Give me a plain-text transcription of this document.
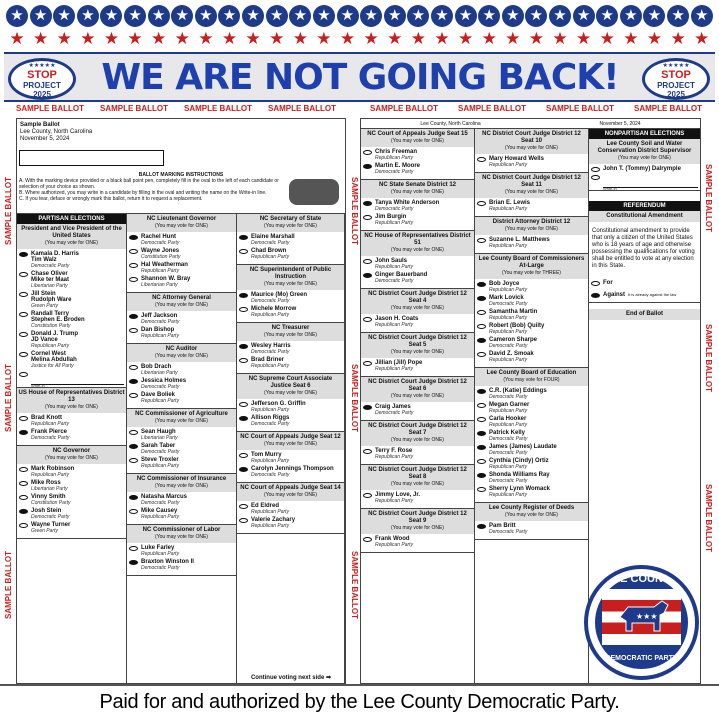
★ ★ ★ ★ ★ ★ ★ ★ ★ ★ ★ ★ ★ ★ ★ ★ ★ ★ ★ ★ ★ ★ ★ ★ ★ ★ ★ ★ ★ ★
★ ★ ★ ★ ★ ★ ★ ★ ★ ★ ★ ★ ★ ★ ★ ★ ★ ★ ★ ★ ★ ★ ★ ★ ★ ★ ★ ★ ★ ★
★★★★★
STOP
PROJECT
2025	WE ARE NOT GOING BACK!	★★★★★
STOP
PROJECT
2025
SAMPLE BALLOT SAMPLE BALLOT SAMPLE BALLOT SAMPLE BALLOT	SAMPLE BALLOT	SAMPLE BALLOT	SAMPLE BALLOT	SAMPLE BALLOT
SAMPLE BALLOT
SAMPLE BALLOT
SAMPLE BALLOT	SAMPLE BALLOT
SAMPLE BALLOT
SAMPLE BALLOT
SAMPLE BALLOT
SAMPLE BALLOT
SAMPLE BALLOT
Sample Ballot
Lee County, North Carolina
November 5, 2024
BALLOT MARKING INSTRUCTIONS
A. With the marking device provided or a black ball point pen, completely fill in the oval to the left of each candidate or selection of your choice as shown.
B. Where authorized, you may write in a candidate by filling in the oval and writing the name on the Write-in line.
C. If you tear, deface or wrongly mark this ballot, return it to request a replacement.
PARTISAN ELECTIONS
President and Vice President of the United States
(You may vote for ONE)
Kamala D. Harris
Tim Walz
Democratic Party
Chase Oliver
Mike ter Maat
Libertarian Party
Jill Stein
Rudolph Ware
Green Party
Randall Terry
Stephen E. Broden
Constitution Party
Donald J. Trump
JD Vance
Republican Party
Cornel West
Melina Abdullah
Justice for All Party
Write-in
US House of Representatives District 13
(You may vote for ONE)
Brad Knott
Republican Party
Frank Pierce
Democratic Party
NC Governor
(You may vote for ONE)
Mark Robinson
Republican Party
Mike Ross
Libertarian Party
Vinny Smith
Constitution Party
Josh Stein
Democratic Party
Wayne Turner
Green Party
NC Lieutenant Governor
(You may vote for ONE)
Rachel Hunt
Democratic Party
Wayne Jones
Constitution Party
Hal Weatherman
Republican Party
Shannon W. Bray
Libertarian Party
NC Attorney General
(You may vote for ONE)
Jeff Jackson
Democratic Party
Dan Bishop
Republican Party
NC Auditor
(You may vote for ONE)
Bob Drach
Libertarian Party
Jessica Holmes
Democratic Party
Dave Boliek
Republican Party
NC Commissioner of Agriculture
(You may vote for ONE)
Sean Haugh
Libertarian Party
Sarah Taber
Democratic Party
Steve Troxler
Republican Party
NC Commissioner of Insurance
(You may vote for ONE)
Natasha Marcus
Democratic Party
Mike Causey
Republican Party
NC Commissioner of Labor
(You may vote for ONE)
Luke Farley
Republican Party
Braxton Winston II
Democratic Party
NC Secretary of State
(You may vote for ONE)
Elaine Marshall
Democratic Party
Chad Brown
Republican Party
NC Superintendent of Public Instruction
(You may vote for ONE)
Maurice (Mo) Green
Democratic Party
Michele Morrow
Republican Party
NC Treasurer
(You may vote for ONE)
Wesley Harris
Democratic Party
Brad Briner
Republican Party
NC Supreme Court Associate Justice Seat 6
(You may vote for ONE)
Jefferson G. Griffin
Republican Party
Allison Riggs
Democratic Party
NC Court of Appeals Judge Seat 12
(You may vote for ONE)
Tom Murry
Republican Party
Carolyn Jennings Thompson
Democratic Party
NC Court of Appeals Judge Seat 14
(You may vote for ONE)
Ed Eldred
Republican Party
Valerie Zachary
Republican Party
Continue voting next side ➡
Lee County, North Carolina	November 5, 2024
NC Court of Appeals Judge Seat 15
(You may vote for ONE)
Chris Freeman
Republican Party
Martin E. Moore
Democratic Party
NC State Senate District 12
(You may vote for ONE)
Tanya White Anderson
Democratic Party
Jim Burgin
Republican Party
NC House of Representatives District 51
(You may vote for ONE)
John Sauls
Republican Party
Ginger Bauerband
Democratic Party
NC District Court Judge District 12 Seat 4
(You may vote for ONE)
Jason H. Coats
Republican Party
NC District Court Judge District 12 Seat 5
(You may vote for ONE)
Jillian (Jill) Pope
Republican Party
NC District Court Judge District 12 Seat 6
(You may vote for ONE)
Craig James
Democratic Party
NC District Court Judge District 12 Seat 7
(You may vote for ONE)
Terry F. Rose
Republican Party
NC District Court Judge District 12 Seat 8
(You may vote for ONE)
Jimmy Love, Jr.
Republican Party
NC District Court Judge District 12 Seat 9
(You may vote for ONE)
Frank Wood
Republican Party
NC District Court Judge District 12 Seat 10
(You may vote for ONE)
Mary Howard Wells
Republican Party
NC District Court Judge District 12 Seat 11
(You may vote for ONE)
Brian E. Lewis
Republican Party
District Attorney District 12
(You may vote for ONE)
Suzanne L. Matthews
Republican Party
Lee County Board of Commissioners At-Large
(You may vote for THREE)
Bob Joyce
Republican Party
Mark Lovick
Democratic Party
Samantha Martin
Republican Party
Robert (Bob) Quilty
Republican Party
Cameron Sharpe
Democratic Party
David Z. Smoak
Republican Party
Lee County Board of Education
(You may vote for FOUR)
C.R. (Katie) Eddings
Democratic Party
Megan Garner
Republican Party
Carla Hooker
Republican Party
Patrick Kelly
Democratic Party
James (James) Laudate
Democratic Party
Cynthia (Cindy) Ortiz
Republican Party
Shonda Williams Ray
Democratic Party
Sherry Lynn Womack
Republican Party
Lee County Register of Deeds
(You may vote for ONE)
Pam Britt
Democratic Party
NONPARTISAN ELECTIONS
Lee County Soil and Water Conservation District Supervisor
(You may vote for ONE)
John T. (Tommy) Dalrymple
Write-in
REFERENDUM
Constitutional Amendment
Constitutional amendment to provide that only a citizen of the United States who is 18 years of age and otherwise possessing the qualifications for voting shall be entitled to vote at any election in this State.
For
Against It is already against the law
End of Ballot
★★★
LEE COUNTY
DEMOCRATIC PARTY
Paid for and authorized by the Lee County Democratic Party.
